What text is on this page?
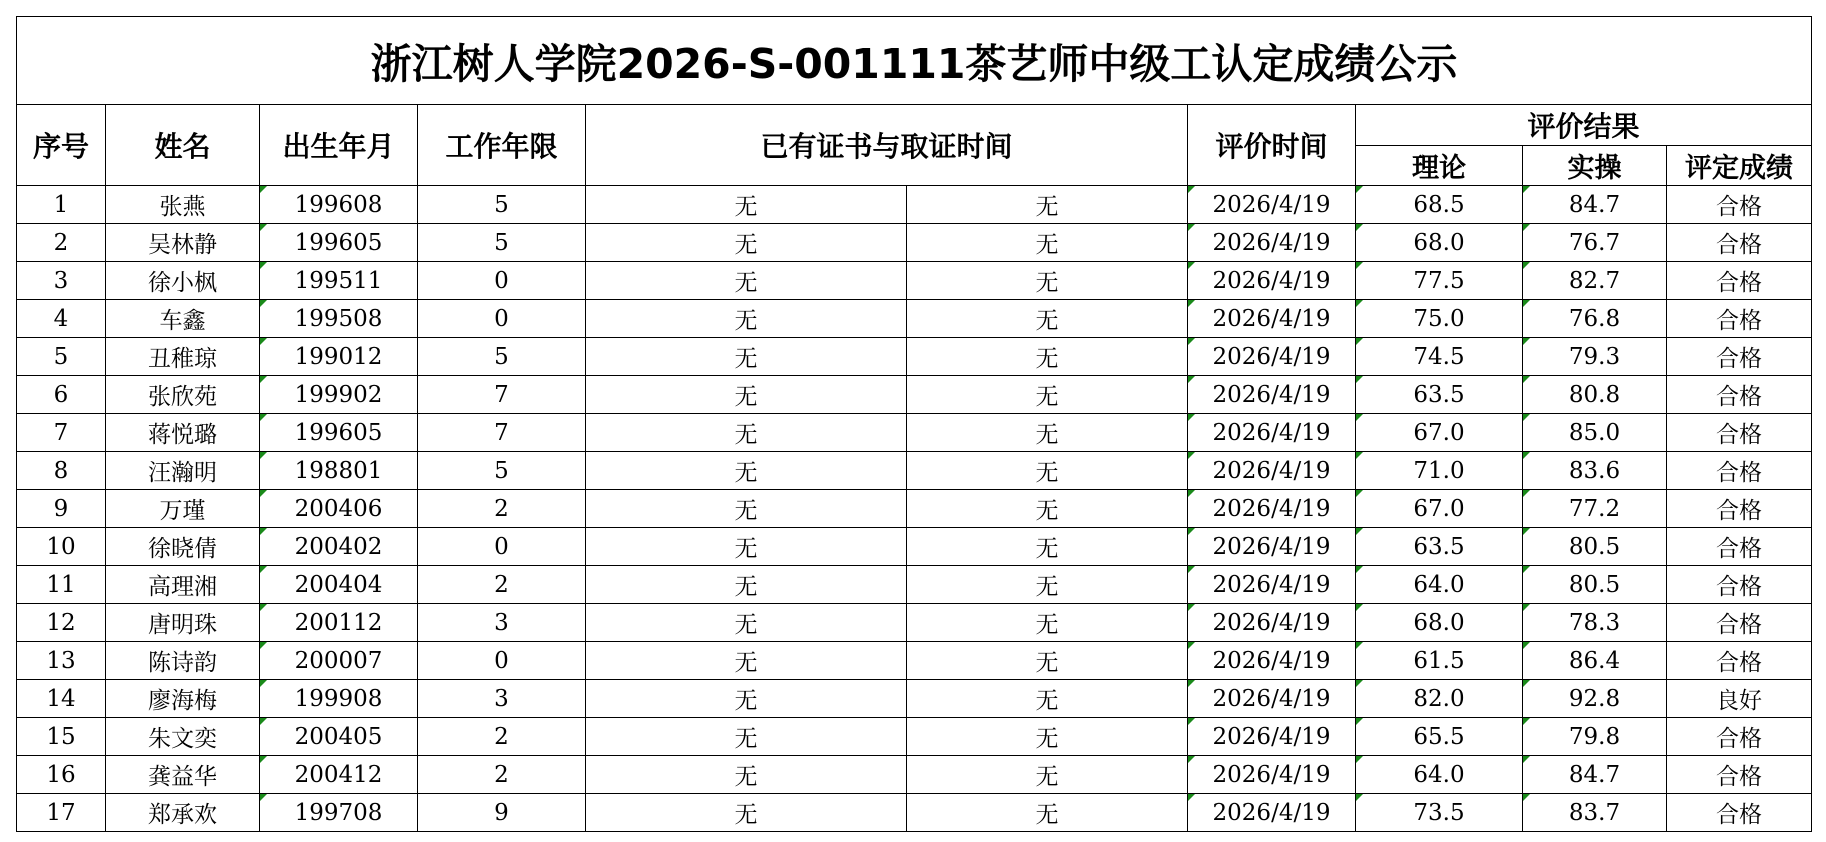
浙江树人学院2026-S-001111茶艺师中级工认定成绩公示									
序号	姓名	出生年月	工作年限	已有证书与取证时间		评价时间	评价结果		
							理论	实操	评定成绩
1	张燕	199608	5	无	无	2026/4/19	68.5	84.7	合格
2	吴林静	199605	5	无	无	2026/4/19	68.0	76.7	合格
3	徐小枫	199511	0	无	无	2026/4/19	77.5	82.7	合格
4	车鑫	199508	0	无	无	2026/4/19	75.0	76.8	合格
5	丑稚琼	199012	5	无	无	2026/4/19	74.5	79.3	合格
6	张欣苑	199902	7	无	无	2026/4/19	63.5	80.8	合格
7	蒋悦璐	199605	7	无	无	2026/4/19	67.0	85.0	合格
8	汪瀚明	198801	5	无	无	2026/4/19	71.0	83.6	合格
9	万瑾	200406	2	无	无	2026/4/19	67.0	77.2	合格
10	徐晓倩	200402	0	无	无	2026/4/19	63.5	80.5	合格
11	高理湘	200404	2	无	无	2026/4/19	64.0	80.5	合格
12	唐明珠	200112	3	无	无	2026/4/19	68.0	78.3	合格
13	陈诗韵	200007	0	无	无	2026/4/19	61.5	86.4	合格
14	廖海梅	199908	3	无	无	2026/4/19	82.0	92.8	良好
15	朱文奕	200405	2	无	无	2026/4/19	65.5	79.8	合格
16	龚益华	200412	2	无	无	2026/4/19	64.0	84.7	合格
17	郑承欢	199708	9	无	无	2026/4/19	73.5	83.7	合格
